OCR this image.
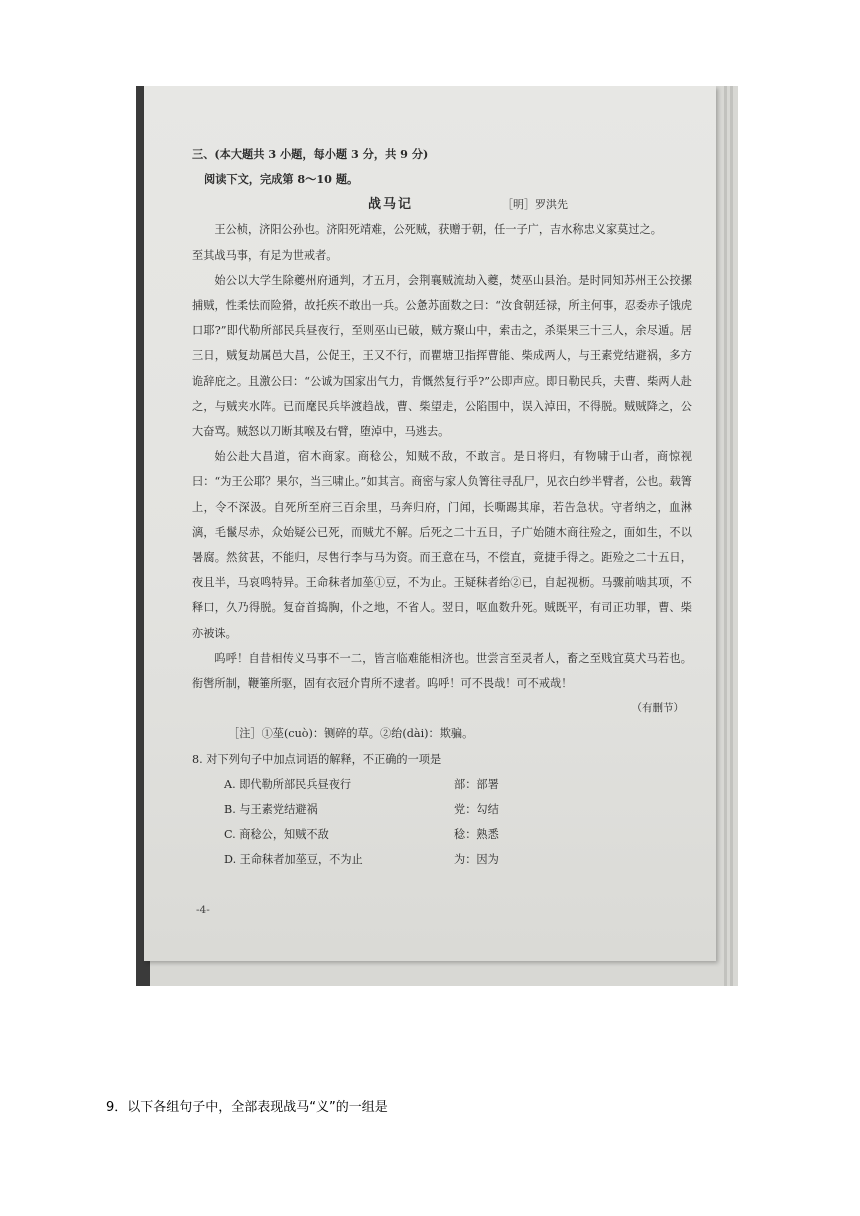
三、(本大题共 3 小题，每小题 3 分，共 9 分)

阅读下文，完成第 8～10 题。

战马记	［明］罗洪先

王公桢，济阳公孙也。济阳死靖难，公死贼，获赠于朝，任一子广，吉水称忠义家莫过之。

至其战马事，有足为世戒者。

始公以大学生除夔州府通判，才五月，会荆襄贼流劫入夔，焚巫山县治。是时同知苏州王公挍摞捕贼，性柔怯而险猾，故托疾不敢出一兵。公惫苏面数之曰：“汝食朝廷禄，所主何事，忍委赤子饿虎口耶?”即代勒所部民兵昼夜行，至则巫山已破，贼方聚山中，索击之，杀渠果三十三人，余尽遁。居三日，贼复劫属邑大昌，公促王，王又不行，而瞿塘卫指挥曹能、柴成两人，与王素党结避祸，多方诡辞庇之。且激公曰：“公诚为国家出气力，肯慨然复行乎?”公即声应。即日勒民兵，夫曹、柴两人赴之，与贼夹水阵。已而麾民兵毕渡趋战，曹、柴望走，公陷围中，误入淖田，不得脱。贼贼降之，公大奋骂。贼怒以刀断其喉及右臂，堕淖中，马逃去。

始公赴大昌道，宿木商家。商稔公，知贼不敌，不敢言。是日将归，有物啸于山者，商惊视曰：“为王公耶？果尔，当三啸止。”如其言。商密与家人负箐往寻乱尸，见衣白纱半臂者，公也。载箐上，令不深汲。自死所至府三百余里，马奔归府，门闻，长嘶踢其扉，若告急状。守者纳之，血淋漓，毛鬣尽赤，众始疑公已死，而贼尤不解。后死之二十五日，子广始随木商往殓之，面如生，不以暑腐。然贫甚，不能归，尽售行李与马为资。而王意在马，不偿直，竟捷手得之。距殓之二十五日，夜且半，马哀鸣特异。王命秣者加莝①豆，不为止。王疑秣者绐②已，自起视枥。马骤前啮其项，不释口，久乃得脱。复奋首捣胸，仆之地，不省人。翌日，呕血数升死。贼既平，有司正功罪，曹、柴亦被诛。

呜呼！自昔相传义马事不一二，皆言临难能相济也。世尝言至灵者人，畜之至贱宜莫犬马若也。衔辔所制，鞭箠所驱，固有衣冠介胄所不逮者。呜呼！可不畏哉！可不戒哉！

（有删节）

［注］①莝(cuò)：铡碎的草。②绐(dài)：欺骗。

8. 对下列句子中加点词语的解释，不正确的一项是

A. 即代勒所部民兵昼夜行	部：部署
B. 与王素党结避祸	党：勾结
C. 商稔公，知贼不敌	稔：熟悉
D. 王命秣者加莝豆，不为止	为：因为
-4-
9．以下各组句子中，全部表现战马“义”的一组是
